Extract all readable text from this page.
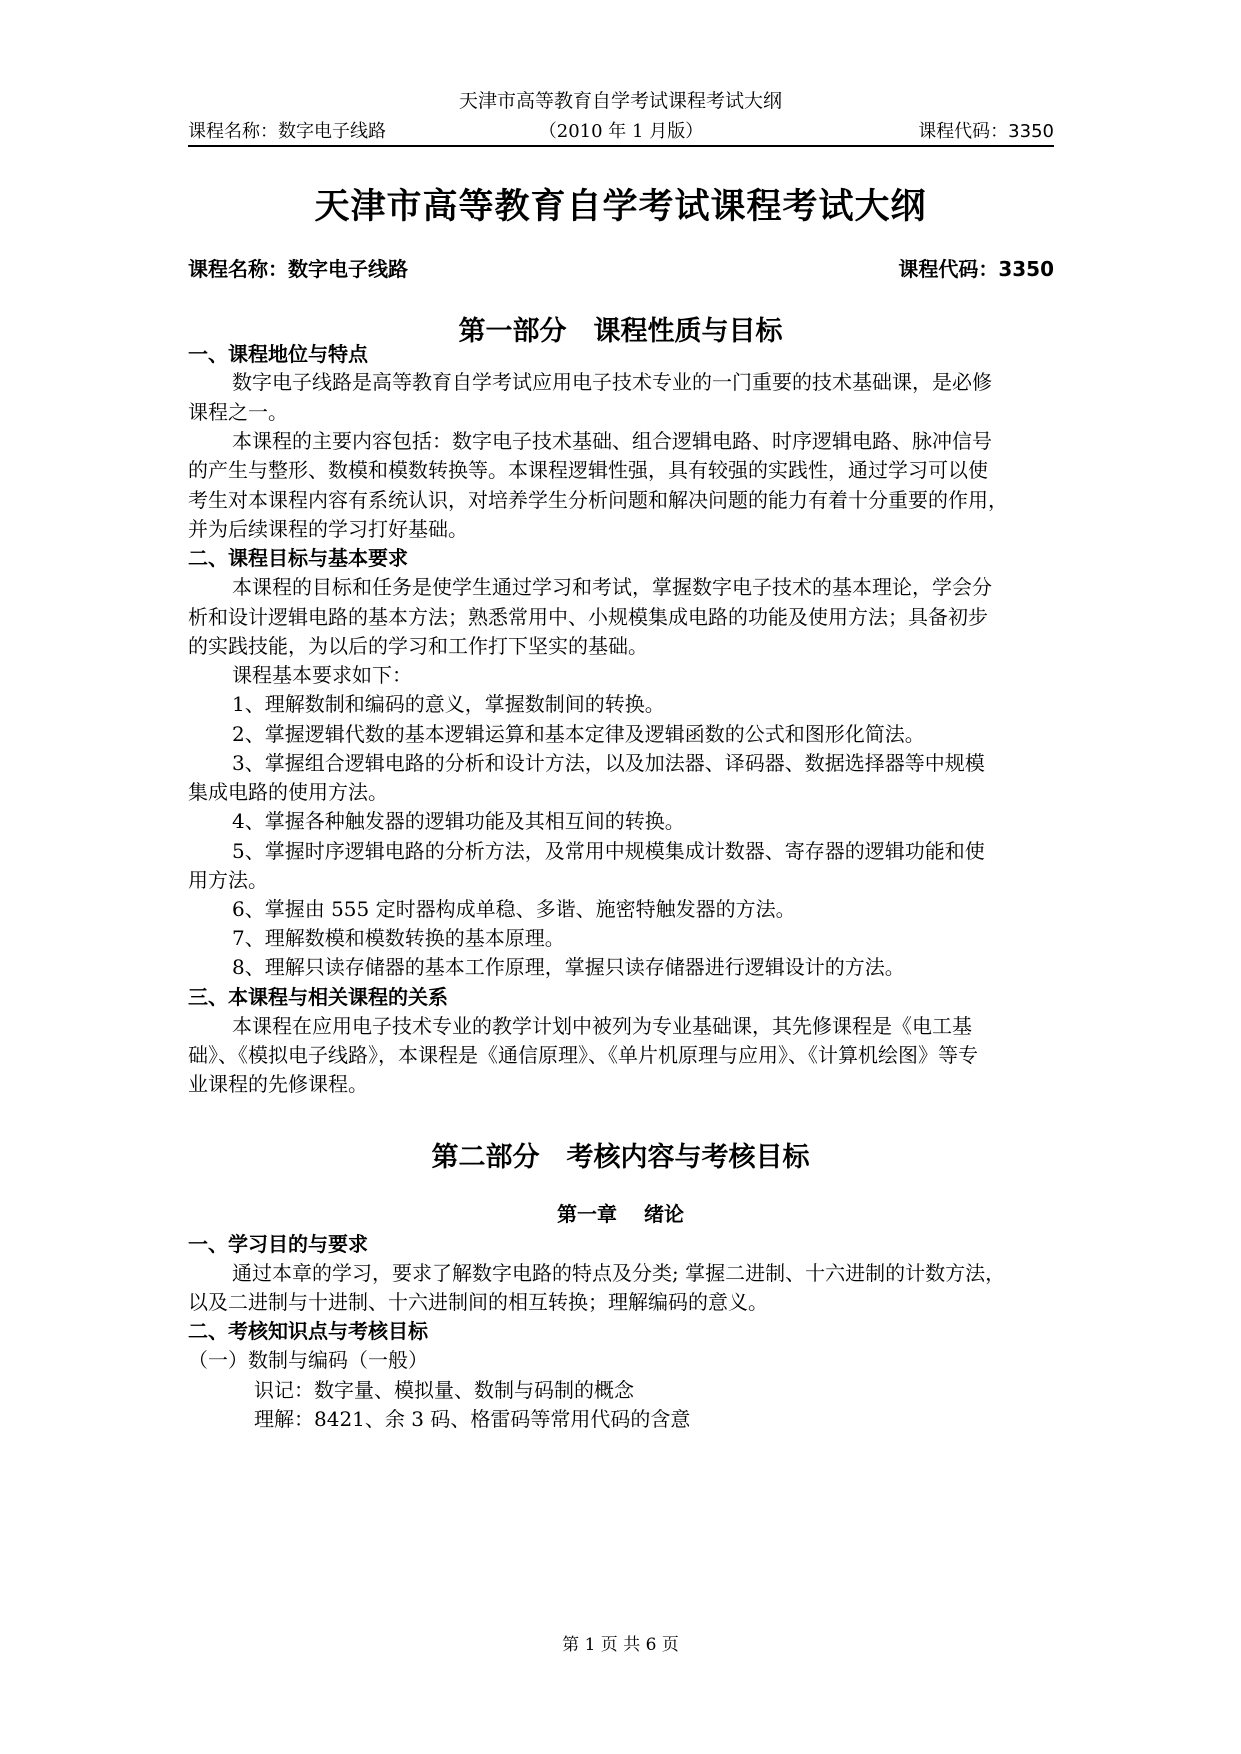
天津市高等教育自学考试课程考试大纲
课程名称：数字电子线路	（2010 年 1 月版）	课程代码：3350
天津市高等教育自学考试课程考试大纲
课程名称：数字电子线路	课程代码：3350
第一部分　课程性质与目标
一、课程地位与特点
数字电子线路是高等教育自学考试应用电子技术专业的一门重要的技术基础课，是必修
课程之一。
本课程的主要内容包括：数字电子技术基础、组合逻辑电路、时序逻辑电路、脉冲信号
的产生与整形、数模和模数转换等。本课程逻辑性强，具有较强的实践性，通过学习可以使
考生对本课程内容有系统认识，对培养学生分析问题和解决问题的能力有着十分重要的作用，
并为后续课程的学习打好基础。
二、课程目标与基本要求
本课程的目标和任务是使学生通过学习和考试，掌握数字电子技术的基本理论，学会分
析和设计逻辑电路的基本方法；熟悉常用中、小规模集成电路的功能及使用方法；具备初步
的实践技能，为以后的学习和工作打下坚实的基础。
课程基本要求如下：
1、理解数制和编码的意义，掌握数制间的转换。
2、掌握逻辑代数的基本逻辑运算和基本定律及逻辑函数的公式和图形化简法。
3、掌握组合逻辑电路的分析和设计方法，以及加法器、译码器、数据选择器等中规模
集成电路的使用方法。
4、掌握各种触发器的逻辑功能及其相互间的转换。
5、掌握时序逻辑电路的分析方法，及常用中规模集成计数器、寄存器的逻辑功能和使
用方法。
6、掌握由 555 定时器构成单稳、多谐、施密特触发器的方法。
7、理解数模和模数转换的基本原理。
8、理解只读存储器的基本工作原理，掌握只读存储器进行逻辑设计的方法。
三、本课程与相关课程的关系
本课程在应用电子技术专业的教学计划中被列为专业基础课，其先修课程是《电工基
础》、《模拟电子线路》，本课程是《通信原理》、《单片机原理与应用》、《计算机绘图》等专
业课程的先修课程。
第二部分　考核内容与考核目标
第一章　 绪论
一、学习目的与要求
通过本章的学习，要求了解数字电路的特点及分类; 掌握二进制、十六进制的计数方法，
以及二进制与十进制、十六进制间的相互转换；理解编码的意义。
二、考核知识点与考核目标
（一）数制与编码（一般）
识记：数字量、模拟量、数制与码制的概念
理解：8421、余 3 码、格雷码等常用代码的含意
第 1 页 共 6 页
